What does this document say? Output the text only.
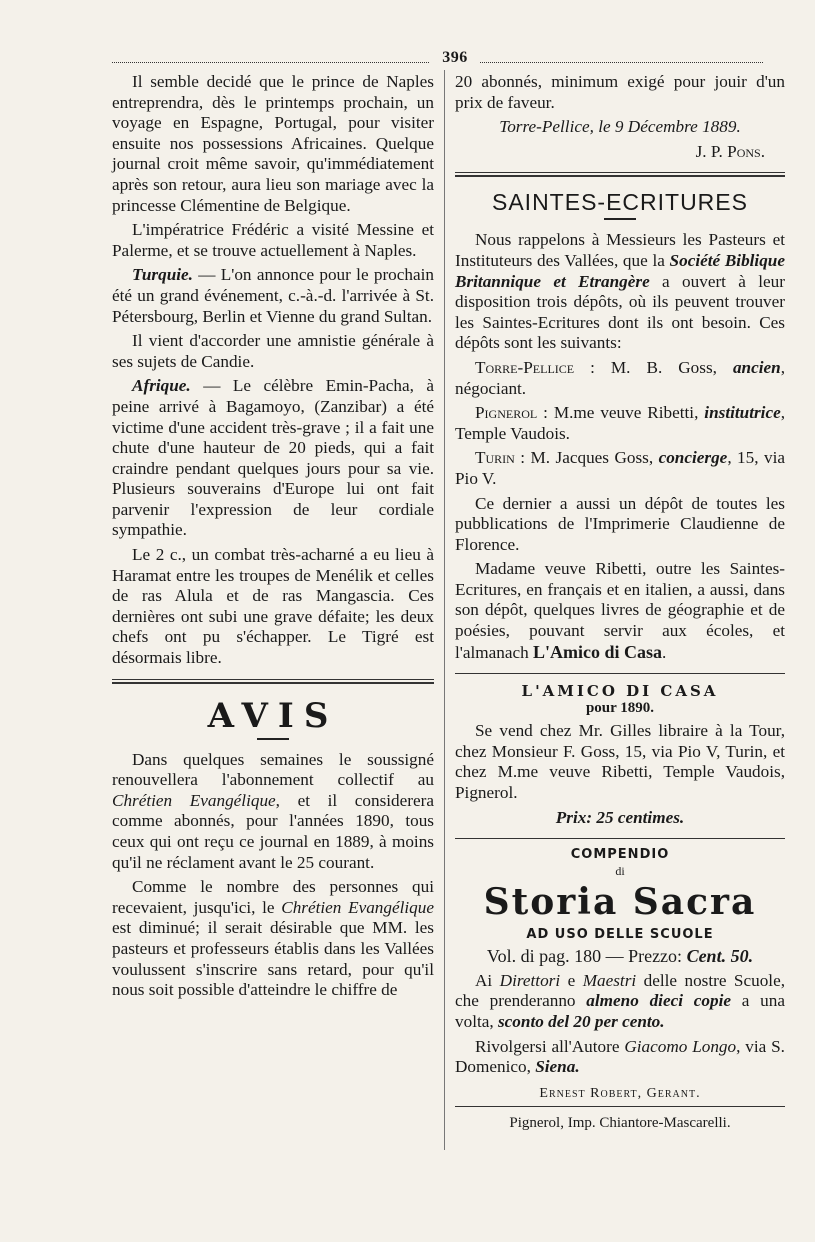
396

Il semble decidé que le prince de Naples entreprendra, dès le printemps prochain, un voyage en Espagne, Portugal, pour visiter ensuite nos possessions Africaines. Quelque journal croit même savoir, qu'immédiatement après son retour, aura lieu son mariage avec la princesse Clémentine de Belgique.

L'impératrice Frédéric a visité Messine et Palerme, et se trouve actuellement à Naples.

Turquie. — L'on annonce pour le prochain été un grand événement, c.-à.-d. l'arrivée à St. Pétersbourg, Berlin et Vienne du grand Sultan.

Il vient d'accorder une amnistie générale à ses sujets de Candie.

Afrique. — Le célèbre Emin-Pacha, à peine arrivé à Bagamoyo, (Zanzibar) a été victime d'une accident très-grave ; il a fait une chute d'une hauteur de 20 pieds, qui a fait craindre pendant quelques jours pour sa vie. Plusieurs souverains d'Europe lui ont fait parvenir l'expression de leur cordiale sympathie.

Le 2 c., un combat très-acharné a eu lieu à Haramat entre les troupes de Menélik et celles de ras Alula et de ras Mangascia. Ces dernières ont subi une grave défaite; les deux chefs ont pu s'échapper. Le Tigré est désormais libre.

AVIS

Dans quelques semaines le soussigné renouvellera l'abonnement collectif au Chrétien Evangélique, et il considerera comme abonnés, pour l'années 1890, tous ceux qui ont reçu ce journal en 1889, à moins qu'il ne réclament avant le 25 courant.

Comme le nombre des personnes qui recevaient, jusqu'ici, le Chrétien Evangélique est diminué; il serait désirable que MM. les pasteurs et professeurs établis dans les Vallées voulussent s'inscrire sans retard, pour qu'il nous soit possible d'atteindre le chiffre de

20 abonnés, minimum exigé pour jouir d'un prix de faveur.

Torre-Pellice, le 9 Décembre 1889.

J. P. Pons.

SAINTES-ECRITURES

Nous rappelons à Messieurs les Pasteurs et Instituteurs des Vallées, que la Société Biblique Britannique et Etrangère a ouvert à leur disposition trois dépôts, où ils peuvent trouver les Saintes-Ecritures dont ils ont besoin. Ces dépôts sont les suivants:

Torre-Pellice : M. B. Goss, ancien, négociant.

Pignerol : M.me veuve Ribetti, institutrice, Temple Vaudois.

Turin : M. Jacques Goss, concierge, 15, via Pio V.

Ce dernier a aussi un dépôt de toutes les pubblications de l'Imprimerie Claudienne de Florence.

Madame veuve Ribetti, outre les Saintes-Ecritures, en français et en italien, a aussi, dans son dépôt, quelques livres de géographie et de poésies, pouvant servir aux écoles, et l'almanach L'Amico di Casa.

L'AMICO DI CASA
pour 1890.

Se vend chez Mr. Gilles libraire à la Tour, chez Monsieur F. Goss, 15, via Pio V, Turin, et chez M.me veuve Ribetti, Temple Vaudois, Pignerol.

Prix: 25 centimes.

COMPENDIO
di
Storia Sacra
AD USO DELLE SCUOLE

Vol. di pag. 180 — Prezzo: Cent. 50.

Ai Direttori e Maestri delle nostre Scuole, che prenderanno almeno dieci copie a una volta, sconto del 20 per cento.

Rivolgersi all'Autore Giacomo Longo, via S. Domenico, Siena.

Ernest Robert, Gerant.
Pignerol, Imp. Chiantore-Mascarelli.
